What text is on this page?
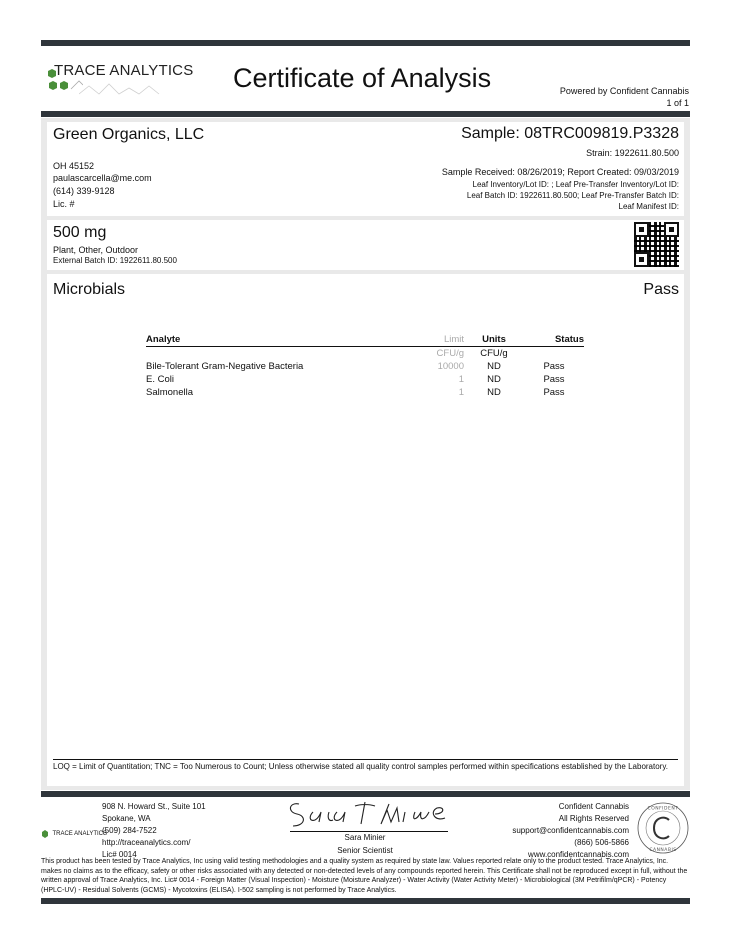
TRACE ANALYTICS Certificate of Analysis	Powered by Confident Cannabis
1 of 1
Green Organics, LLC
OH 45152
paulascarcella@me.com
(614) 339-9128
Lic. #
Sample: 08TRC009819.P3328
Strain: 1922611.80.500
Sample Received: 08/26/2019; Report Created: 09/03/2019
Leaf Inventory/Lot ID: ; Leaf Pre-Transfer Inventory/Lot ID:
Leaf Batch ID: 1922611.80.500; Leaf Pre-Transfer Batch ID:
Leaf Manifest ID:
500 mg
Plant, Other, Outdoor
External Batch ID: 1922611.80.500
Microbials	Pass
Analyte	Limit	Units	Status
	CFU/g	CFU/g	
Bile-Tolerant Gram-Negative Bacteria	10000	ND	Pass
E. Coli	1	ND	Pass
Salmonella	1	ND	Pass
LOQ = Limit of Quantitation; TNC = Too Numerous to Count; Unless otherwise stated all quality control samples performed within specifications established by the Laboratory.
TRACE ANALYTICS
908 N. Howard St., Suite 101
Spokane, WA
(509) 284-7522
http://traceanalytics.com/
Lic# 0014
Sara Minier
Senior Scientist
Confident Cannabis
All Rights Reserved
support@confidentcannabis.com
(866) 506-5866
www.confidentcannabis.com
CONFIDENT
CANNABIS
This product has been tested by Trace Analytics, Inc using valid testing methodologies and a quality system as required by state law. Values reported relate only to the product tested. Trace Analytics, Inc. makes no claims as to the efficacy, safety or other risks associated with any detected or non-detected levels of any compounds reported herein. This Certificate shall not be reproduced except in full, without the written approval of Trace Analytics, Inc. Lic# 0014 - Foreign Matter (Visual Inspection) - Moisture (Moisture Analyzer) - Water Activity (Water Activity Meter) - Microbiological (3M Petrifilm/qPCR) - Potency (HPLC-UV) - Residual Solvents (GCMS) - Mycotoxins (ELISA). I-502 sampling is not performed by Trace Analytics.
